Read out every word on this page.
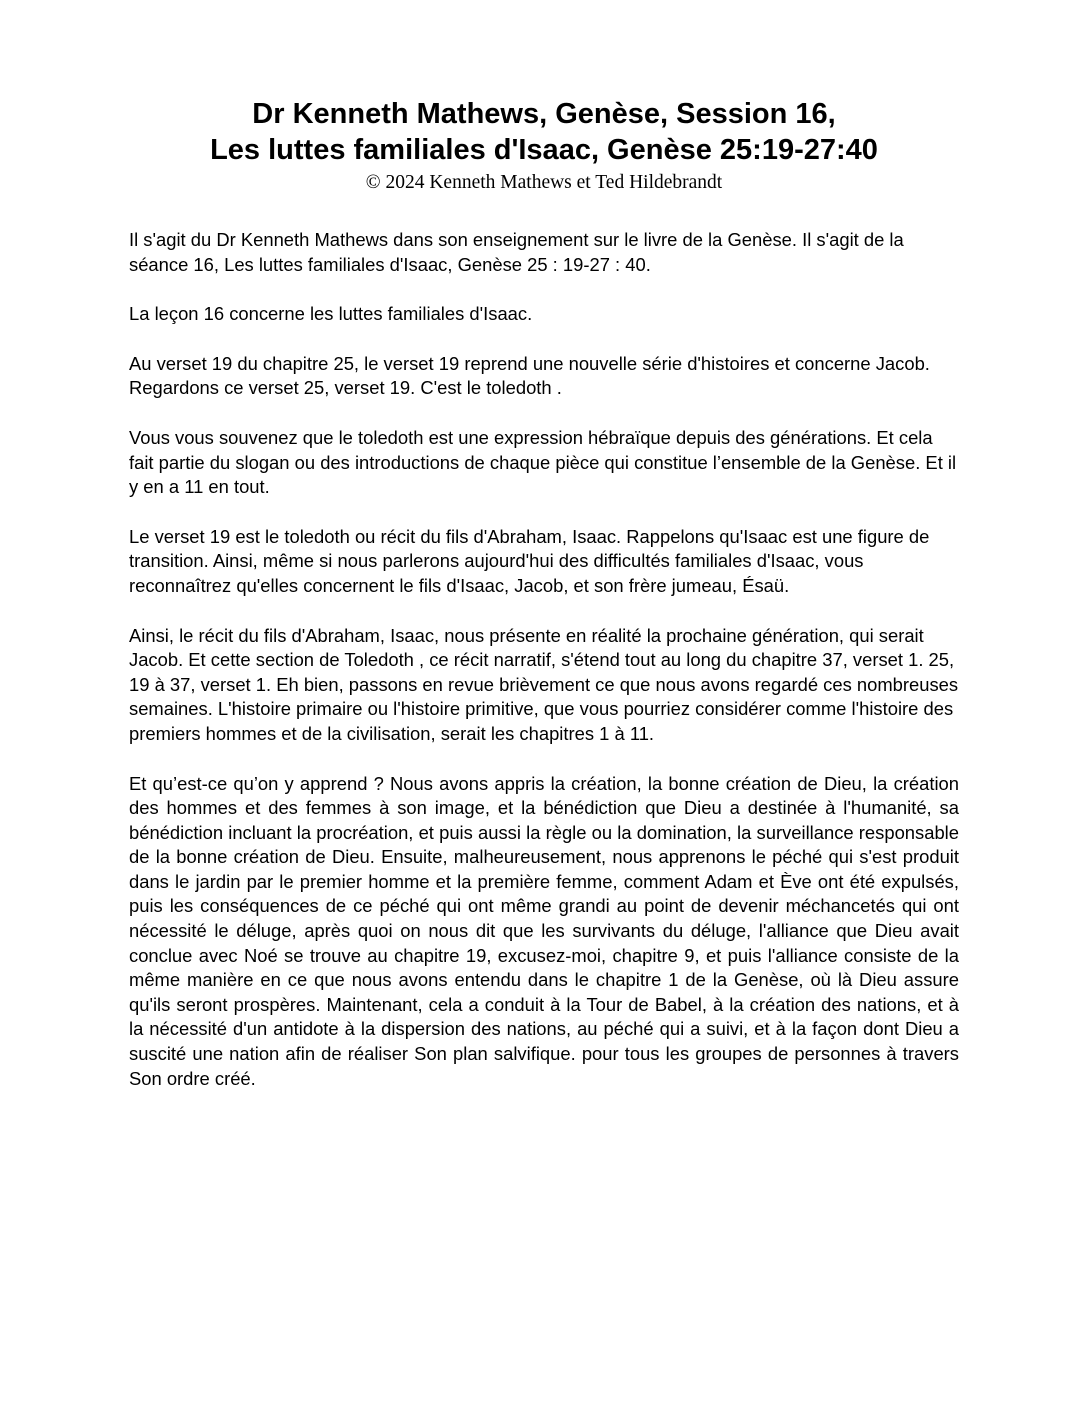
Dr Kenneth Mathews, Genèse, Session 16,
Les luttes familiales d'Isaac, Genèse 25:19-27:40
© 2024 Kenneth Mathews et Ted Hildebrandt

Il s'agit du Dr Kenneth Mathews dans son enseignement sur le livre de la Genèse. Il s'agit de la séance 16, Les luttes familiales d'Isaac, Genèse 25 : 19-27 : 40.

La leçon 16 concerne les luttes familiales d'Isaac.

Au verset 19 du chapitre 25, le verset 19 reprend une nouvelle série d'histoires et concerne Jacob. Regardons ce verset 25, verset 19. C'est le toledoth .

Vous vous souvenez que le toledoth est une expression hébraïque depuis des générations. Et cela fait partie du slogan ou des introductions de chaque pièce qui constitue l’ensemble de la Genèse. Et il y en a 11 en tout.

Le verset 19 est le toledoth ou récit du fils d'Abraham, Isaac. Rappelons qu'Isaac est une figure de transition. Ainsi, même si nous parlerons aujourd'hui des difficultés familiales d'Isaac, vous reconnaîtrez qu'elles concernent le fils d'Isaac, Jacob, et son frère jumeau, Ésaü.

Ainsi, le récit du fils d'Abraham, Isaac, nous présente en réalité la prochaine génération, qui serait Jacob. Et cette section de Toledoth , ce récit narratif, s'étend tout au long du chapitre 37, verset 1. 25, 19 à 37, verset 1. Eh bien, passons en revue brièvement ce que nous avons regardé ces nombreuses semaines. L'histoire primaire ou l'histoire primitive, que vous pourriez considérer comme l'histoire des premiers hommes et de la civilisation, serait les chapitres 1 à 11.

Et qu’est-ce qu’on y apprend ? Nous avons appris la création, la bonne création de Dieu, la création des hommes et des femmes à son image, et la bénédiction que Dieu a destinée à l'humanité, sa bénédiction incluant la procréation, et puis aussi la règle ou la domination, la surveillance responsable de la bonne création de Dieu. Ensuite, malheureusement, nous apprenons le péché qui s'est produit dans le jardin par le premier homme et la première femme, comment Adam et Ève ont été expulsés, puis les conséquences de ce péché qui ont même grandi au point de devenir méchancetés qui ont nécessité le déluge, après quoi on nous dit que les survivants du déluge, l'alliance que Dieu avait conclue avec Noé se trouve au chapitre 19, excusez-moi, chapitre 9, et puis l'alliance consiste de la même manière en ce que nous avons entendu dans le chapitre 1 de la Genèse, où là Dieu assure qu'ils seront prospères. Maintenant, cela a conduit à la Tour de Babel, à la création des nations, et à la nécessité d'un antidote à la dispersion des nations, au péché qui a suivi, et à la façon dont Dieu a suscité une nation afin de réaliser Son plan salvifique. pour tous les groupes de personnes à travers Son ordre créé.
